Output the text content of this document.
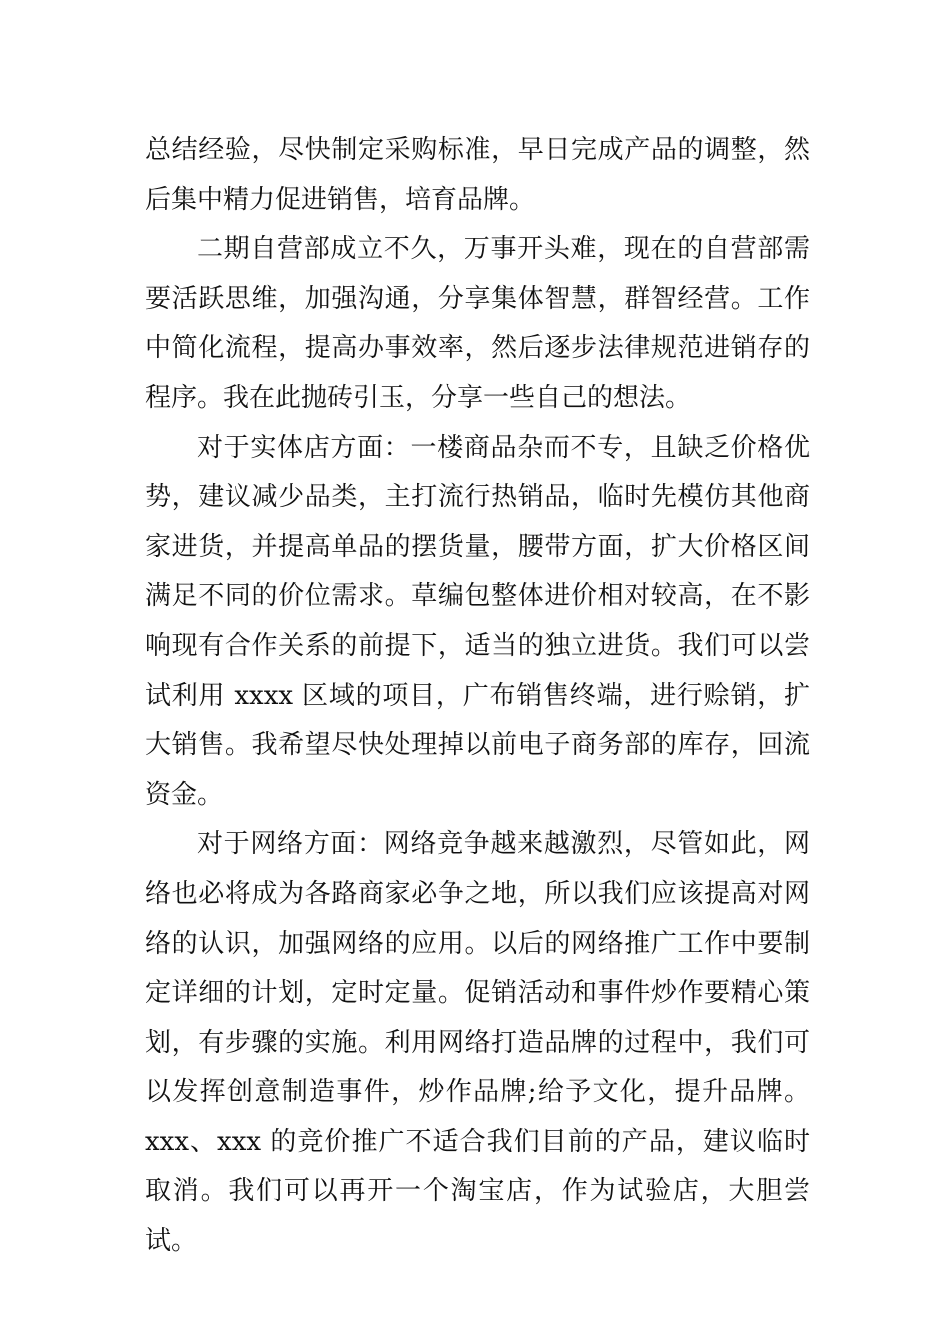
总结经验，尽快制定采购标准，早日完成产品的调整，然后集中精力促进销售，培育品牌。

二期自营部成立不久，万事开头难，现在的自营部需要活跃思维，加强沟通，分享集体智慧，群智经营。工作中简化流程，提高办事效率，然后逐步法律规范进销存的程序。我在此抛砖引玉，分享一些自己的想法。

对于实体店方面：一楼商品杂而不专，且缺乏价格优势，建议减少品类，主打流行热销品，临时先模仿其他商家进货，并提高单品的摆货量，腰带方面，扩大价格区间满足不同的价位需求。草编包整体进价相对较高，在不影响现有合作关系的前提下，适当的独立进货。我们可以尝试利用 xxxx 区域的项目，广布销售终端，进行赊销，扩大销售。我希望尽快处理掉以前电子商务部的库存，回流资金。

对于网络方面：网络竞争越来越激烈，尽管如此，网络也必将成为各路商家必争之地，所以我们应该提高对网络的认识，加强网络的应用。以后的网络推广工作中要制定详细的计划，定时定量。促销活动和事件炒作要精心策划，有步骤的实施。利用网络打造品牌的过程中，我们可以发挥创意制造事件，炒作品牌;给予文化，提升品牌。xxx、xxx 的竞价推广不适合我们目前的产品，建议临时取消。我们可以再开一个淘宝店，作为试验店，大胆尝试。
